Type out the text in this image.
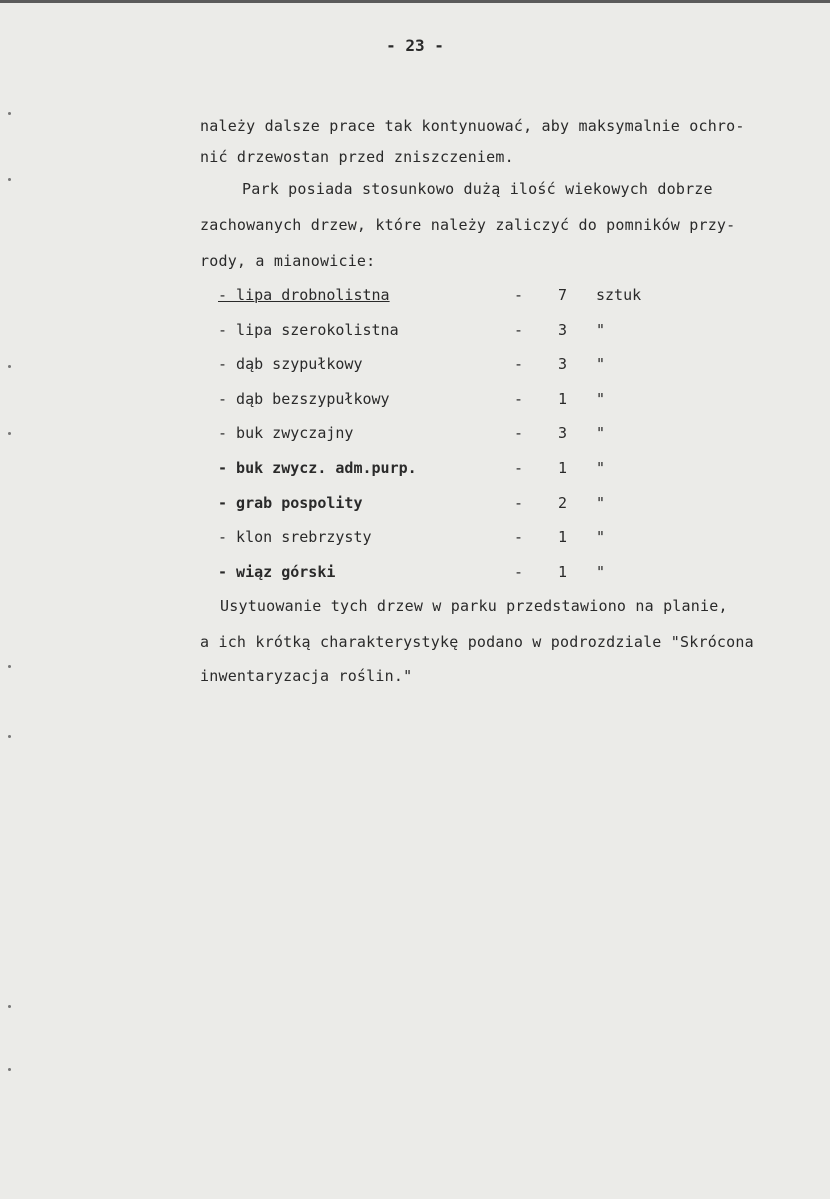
- 23 -
należy dalsze prace tak kontynuować, aby maksymalnie ochro-
nić drzewostan przed zniszczeniem.
Park posiada stosunkowo dużą ilość wiekowych dobrze
zachowanych drzew, które należy zaliczyć do pomników przy-
rody, a mianowicie:
- lipa drobnolistna	- 7 sztuk
- lipa szerokolistna	- 3 "
- dąb szypułkowy	- 3 "
- dąb bezszypułkowy	- 1 "
- buk zwyczajny	- 3 "
- buk zwycz. adm.purp.	- 1 "
- grab pospolity	- 2 "
- klon srebrzysty	- 1 "
- wiąz górski	- 1 "
Usytuowanie tych drzew w parku przedstawiono na planie,
a ich krótką charakterystykę podano w podrozdziale "Skrócona
inwentaryzacja roślin."
